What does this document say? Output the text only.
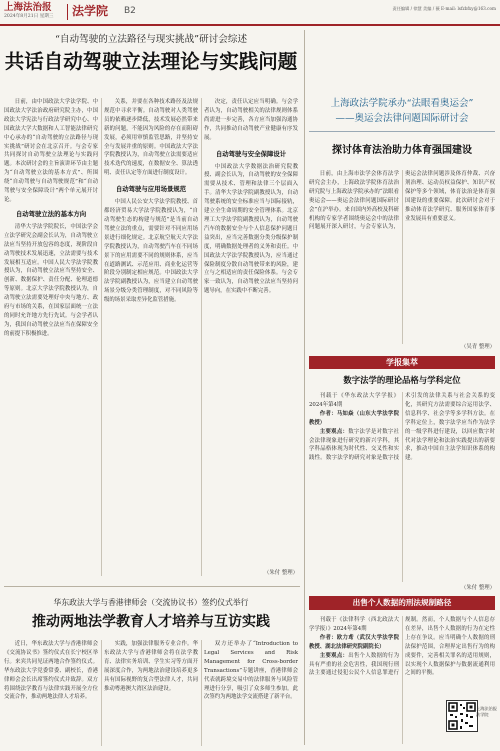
上海法治报
2024年8月21日 星期三	法学院 B2	责任编辑 / 徐慧 美编 / 薇 E-mail: lsfzbfxy@163.com
“自动驾驶的立法路径与现实挑战”研讨会综述
共话自动驾驶立法理论与实践问题

日前，由中国政法大学法学院、中国政法大学法治政府研究院主办，中国政法大学宪法与行政法学研究中心、中国政法大学大数据和人工智能法律研究中心承办的“自动驾驶的立法路径与现实挑战”研讨会在北京召开。与会专家共同探讨自动驾驶立法理论与实践问题。本次研讨会的主旨演讲环节由主题为“自动驾驶立法的基本方式”、所围绕“自动驾驶与自动驾驶规范”和“自动驾驶与安全保障设计”两个单元展开讨论。

自动驾驶立法的基本方向

清华大学法学院院长，中国法学会立法学研究会副会长认为，自动驾驶立法应当坚持开放包容的态度，现阶段自动驾驶技术发展迅速，立法需要与技术发展相互适应。中国人民大学法学院教授认为，自动驾驶立法应当坚持安全、创新、数据保护、责任分配、伦理道德等原则。北京大学法学院教授认为，自动驾驶立法需要处理好中央与地方、政府与市场的关系，在国家层面统一立法的同时允许地方先行先试。与会学者认为，我国自动驾驶立法应当在保障安全的前提下积极推进。

关系，并要在各种技术路径及法规规范中寻求平衡。自动驾驶对人类驾驶员的依赖逐步降低，技术发展必然带来新的问题，不能因为风险的存在而阻碍发展，必须用审慎监管思路，并坚持安全与发展并重的原则。中国政法大学法学院教授认为，自动驾驶立法需要适应技术迭代的速度，在数据安全、算法透明、责任认定等方面进行制度设计。

自动驾驶与应用场景规范

中国人民公安大学法学院教授、首都经济贸易大学法学院教授认为，“自动驾驶生态的构建与规范”是当前自动驾驶立法的重点，需要针对不同应用场景进行细化规定。北京航空航天大学法学院教授认为，自动驾驶汽车在不同场景下的应用需要不同的规则体系，应当在道路测试、示范应用、商业化运营等阶段分别制定相应规范。中国政法大学法学院副教授认为，应当建立自动驾驶场景分级分类管理制度，对不同风险等级的场景采取差异化监管措施。

决定，责任认定应当明确。与会学者认为，自动驾驶相关的法律规则体系尚需进一步完善，各方应当加强沟通协作，共同推动自动驾驶产业健康有序发展。

自动驾驶与安全保障设计

中国政法大学数据法治研究院教授、副会长认为，自动驾驶的安全保障需要从技术、管理和法律三个层面入手。清华大学法学院副教授认为，自动驾驶系统的安全标准应当与国际接轨，建立全生命周期的安全管理体系。北京理工大学法学院副教授认为，自动驾驶汽车的数据安全与个人信息保护问题日益突出，应当完善数据分类分级保护制度，明确数据处理者的义务和责任。中国政法大学法学院教授认为，应当通过保险制度分散自动驾驶带来的风险，建立与之相适应的责任保险体系。与会专家一致认为，自动驾驶立法应当坚持问题导向，在实践中不断完善。

（朱付 整理）
上海政法学院承办“法眼看奥运会”
——奥运会法律问题国际研讨会
探讨体育法治助力体育强国建设

日前，由上海市法学会体育法学研究会主办，上海政法学院体育法治研究院与上海政法学院承办的“法眼看奥运会——奥运会法律问题国际研讨会”在沪举办。来自国内外高校及科研机构的专家学者围绕奥运会中的法律问题展开深入研讨，与会专家认为，奥运会法律问题涉及体育仲裁、兴奋剂治理、运动员权益保护、知识产权保护等多个领域，体育法治是体育强国建设的重要保障。此次研讨会对于推动体育法学研究、服务国家体育事业发展具有重要意义。

（吴青 整理）
学报集萃
数字法学的理论品格与学科定位

刊载于《华东政法大学学报》2024年第4期

作者：马如焱（山东大学法学院教授）

主要观点：数字法学是对数字社会法律现象进行研究的新兴学科，其学科品格体现为时代性、交叉性和实践性。数字法学的研究对象是数字技术引发的法律关系与社会关系的变化，其研究方法需要综合运用法学、信息科学、社会学等多学科方法。在学科定位上，数字法学应当作为法学的一级学科进行建设，以回应数字时代对法学理论和法治实践提出的新要求，推动中国自主法学知识体系的构建。

（朱付 整理）
出售个人数据的刑法规制路径

刊载于《法律科学（西北政法大学学报）》2024年第4期

作者：欧力鸢（武汉大学法学院教授、湖北法律研究院副院长）

主要观点：出售个人数据的行为具有严重的社会危害性，我国现行刑法主要通过侵犯公民个人信息罪进行规制。然而，个人数据与个人信息存在差异，出售个人数据的行为在定性上存在争议。应当明确个人数据的刑法保护范围，合理界定出售行为的构成要件，完善相关罪名的适用规则，以实现个人数据保护与数据流通利用之间的平衡。

上海法治报 法学院
华东政法大学与香港律师会（交流协议书）签约仪式举行
推动两地法学教育人才培养与互访实践

近日，华东政法大学与香港律师会《交流协议书》签约仪式在长宁校区举行。来宾共同见证两地合作签约仪式。华东政法大学党委常委、副校长，香港律师会会长出席签约仪式并致辞。双方将围绕法学教育与法律实践开展全方位交流合作，推动两地法律人才培养。

实践，加强法律服务专业合作。华东政法大学与香港律师会将在法学教育、法律实务培训、学生实习等方面开展深度合作，为两地法治建设培养更多具有国际视野的复合型法律人才，共同推动粤港澳大湾区法治建设。

双方还举办了“Introduction to Legal Services and Risk Management for Cross-border Transactions”专题讲座，香港律师会代表就跨境交易中的法律服务与风险管理进行分享，吸引了众多师生参加。此次签约为两地法学交流搭建了新平台。
